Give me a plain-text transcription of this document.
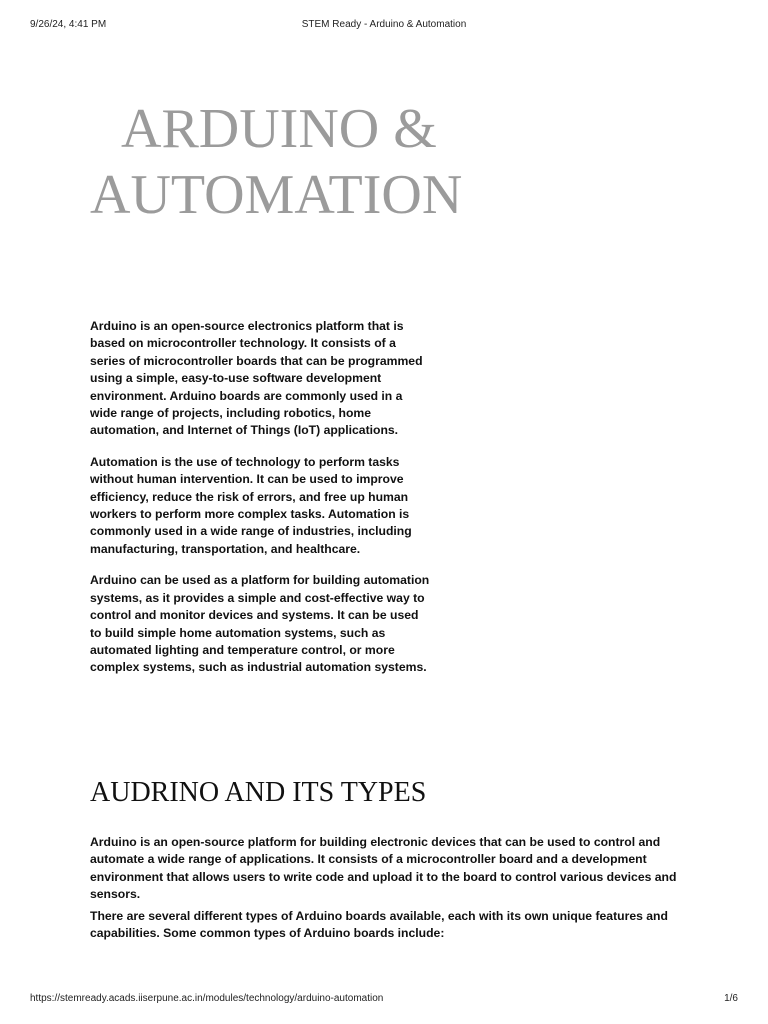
9/26/24, 4:41 PM	STEM Ready - Arduino & Automation
ARDUINO &
AUTOMATION

Arduino is an open-source electronics platform that is based on microcontroller technology. It consists of a series of microcontroller boards that can be programmed using a simple, easy-to-use software development environment. Arduino boards are commonly used in a wide range of projects, including robotics, home automation, and Internet of Things (IoT) applications.

Automation is the use of technology to perform tasks without human intervention. It can be used to improve efficiency, reduce the risk of errors, and free up human workers to perform more complex tasks. Automation is commonly used in a wide range of industries, including manufacturing, transportation, and healthcare.

Arduino can be used as a platform for building automation systems, as it provides a simple and cost-effective way to control and monitor devices and systems. It can be used to build simple home automation systems, such as automated lighting and temperature control, or more complex systems, such as industrial automation systems.

AUDRINO AND ITS TYPES

Arduino is an open-source platform for building electronic devices that can be used to control and automate a wide range of applications. It consists of a microcontroller board and a development environment that allows users to write code and upload it to the board to control various devices and sensors.

There are several different types of Arduino boards available, each with its own unique features and capabilities. Some common types of Arduino boards include:

https://stemready.acads.iiserpune.ac.in/modules/technology/arduino-automation	1/6
